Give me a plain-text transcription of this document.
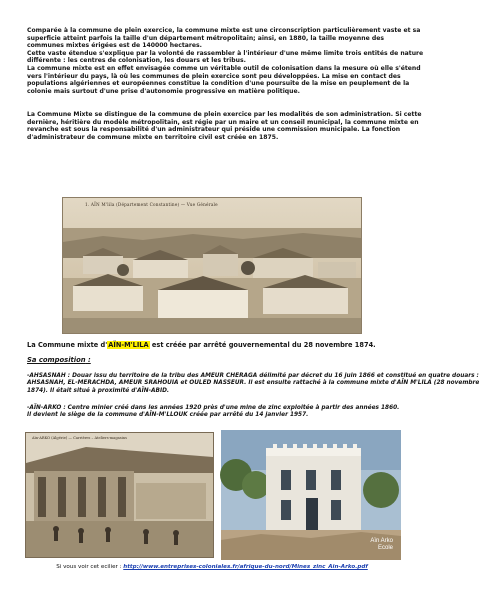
Comparée à la commune de plein exercice, la commune mixte est une circonscription particulièrement vaste et sa
superficie atteint parfois la taille d'un département métropolitain; ainsi, en 1880, la taille moyenne des
communes mixtes érigées est de 140000 hectares.
Cette vaste étendue s'explique par la volonté de rassembler à l'intérieur d'une même limite trois entités de nature
différente : les centres de colonisation, les douars et les tribus.
La commune mixte est en effet envisagée comme un véritable outil de colonisation dans la mesure où elle s'étend
vers l'intérieur du pays, là où les communes de plein exercice sont peu développées. La mise en contact des
populations algériennes et européennes constitue la condition d'une poursuite de la mise en peuplement de la
colonie mais surtout d'une prise d'autonomie progressive en matière politique.
La Commune Mixte se distingue de la commune de plein exercice par les modalités de son administration. Si cette
dernière, héritière du modèle métropolitain, est régie par un maire et un conseil municipal, la commune mixte en
revanche est sous la responsabilité d'un administrateur qui préside une commission municipale. La fonction
d'administrateur de commune mixte en territoire civil est créée en 1875.
1. AÏN M'lila (Département Constantine) — Vue Générale
La Commune mixte d'AÏN-M'LILA est créée par arrêté gouvernemental du 28 novembre 1874.
Sa composition :
-AHSASNAH : Douar issu du territoire de la tribu des AMEUR CHERAGA délimité par décret du 16 juin 1866 et constitué en quatre douars :
AHSASNAH, EL-MERACHDA, AMEUR SRAHOUIA et OULED NASSEUR. Il est ensuite rattaché à la commune mixte d'AÏN M'LILA (28 novembre
1874). Il était situé à proximité d'AÏN-ABID.
-AÏN-ARKO : Centre minier créé dans les années 1920 près d'une mine de zinc exploitée à partir des années 1860.
Il devient le siège de la commune d'AÏN-M'LLOUK créée par arrêté du 14 janvier 1957.
Aïn-ARKO (Algérie) — Carrières – Ateliers-magasins
Aïn Arko
Ecole
Si vous voir cet ecilier : http://www.entreprises-coloniales.fr/afrique-du-nord/Mines_zinc_Ain-Arko.pdf
